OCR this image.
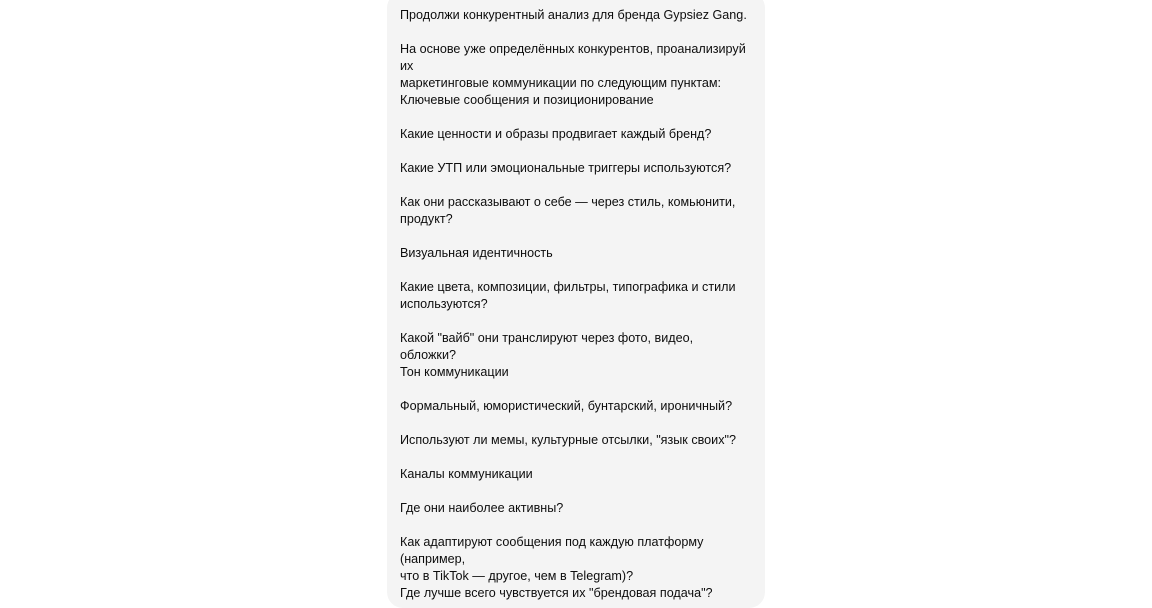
Продолжи конкурентный анализ для бренда Gypsiez Gang.

На основе уже определённых конкурентов, проанализируй их
маркетинговые коммуникации по следующим пунктам:

Ключевые сообщения и позиционирование

Какие ценности и образы продвигает каждый бренд?

Какие УТП или эмоциональные триггеры используются?

Как они рассказывают о себе — через стиль, комьюнити,
продукт?

Визуальная идентичность

Какие цвета, композиции, фильтры, типографика и стили
используются?

Какой "вайб" они транслируют через фото, видео, обложки?

Тон коммуникации

Формальный, юмористический, бунтарский, ироничный?

Используют ли мемы, культурные отсылки, "язык своих"?

Каналы коммуникации

Где они наиболее активны?

Как адаптируют сообщения под каждую платформу (например,
что в TikTok — другое, чем в Telegram)?

Где лучше всего чувствуется их "брендовая подача"?
